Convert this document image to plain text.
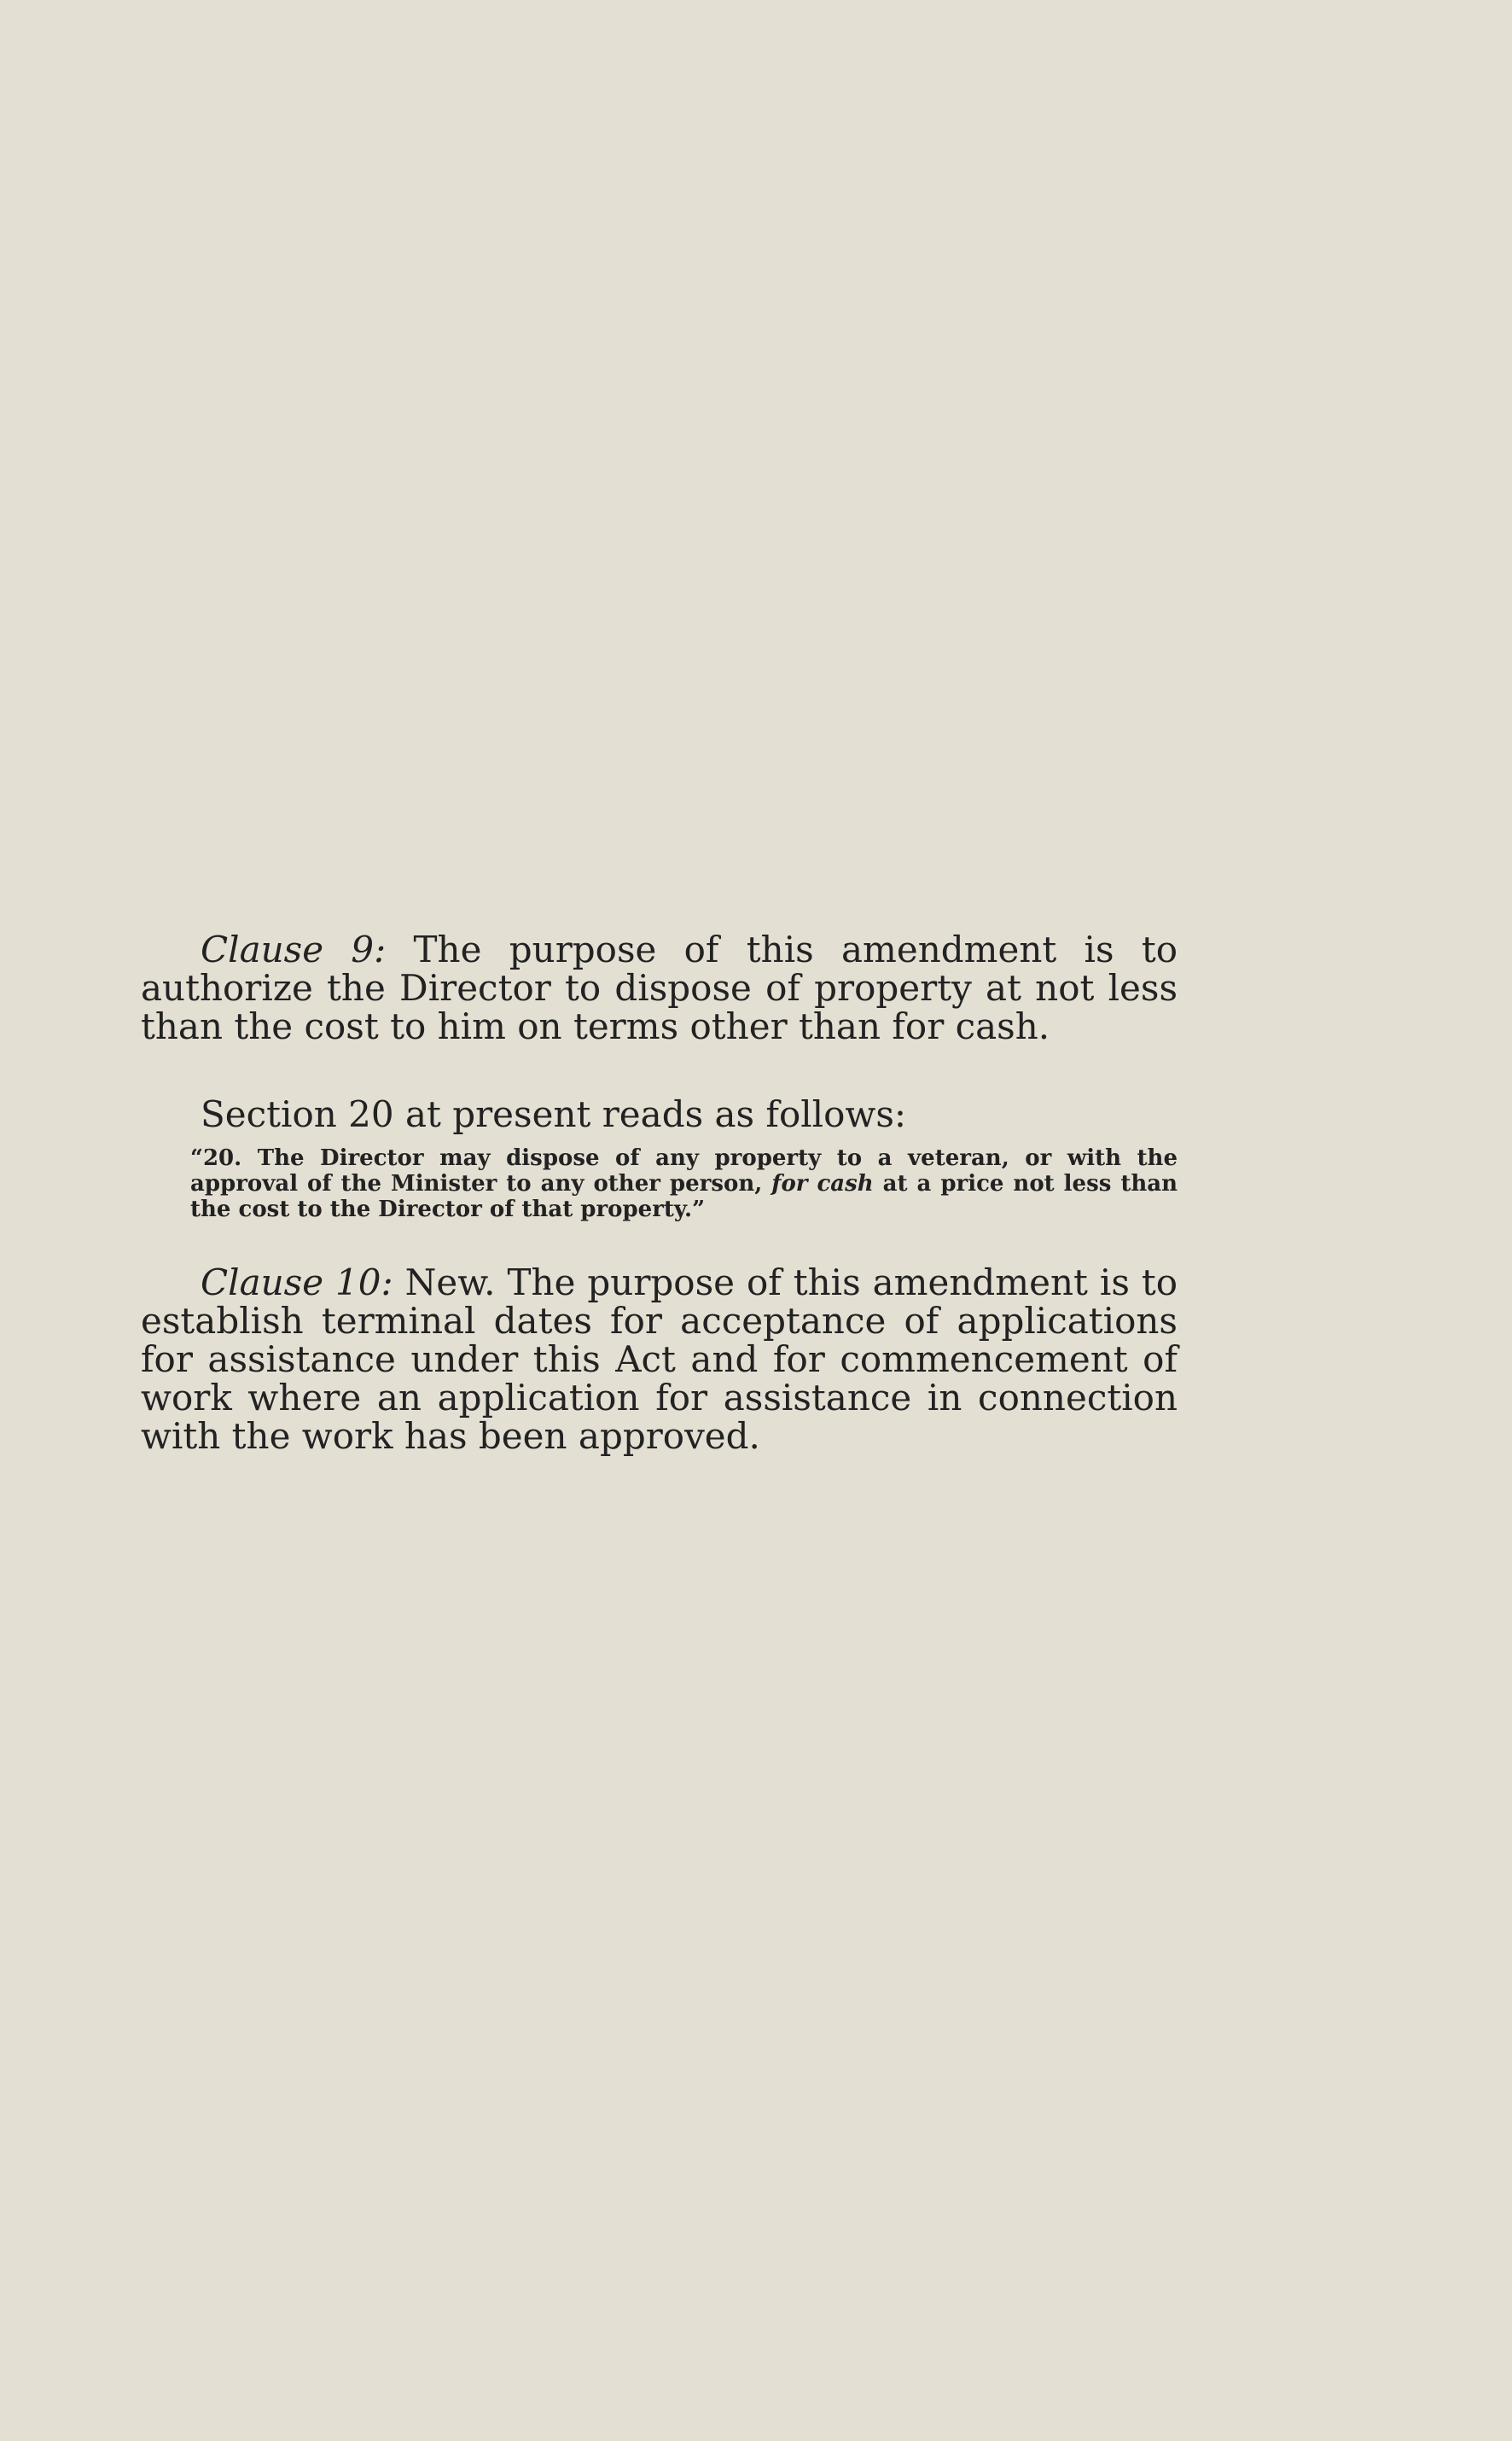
Clause 9: The purpose of this amendment is to authorize the Director to dispose of property at not less than the cost to him on terms other than for cash.

Section 20 at present reads as follows:

“20. The Director may dispose of any property to a veteran, or with the approval of the Minister to any other person, for cash at a price not less than the cost to the Director of that property.”

Clause 10: New. The purpose of this amendment is to establish terminal dates for acceptance of applications for assistance under this Act and for commencement of work where an application for assistance in connection with the work has been approved.
